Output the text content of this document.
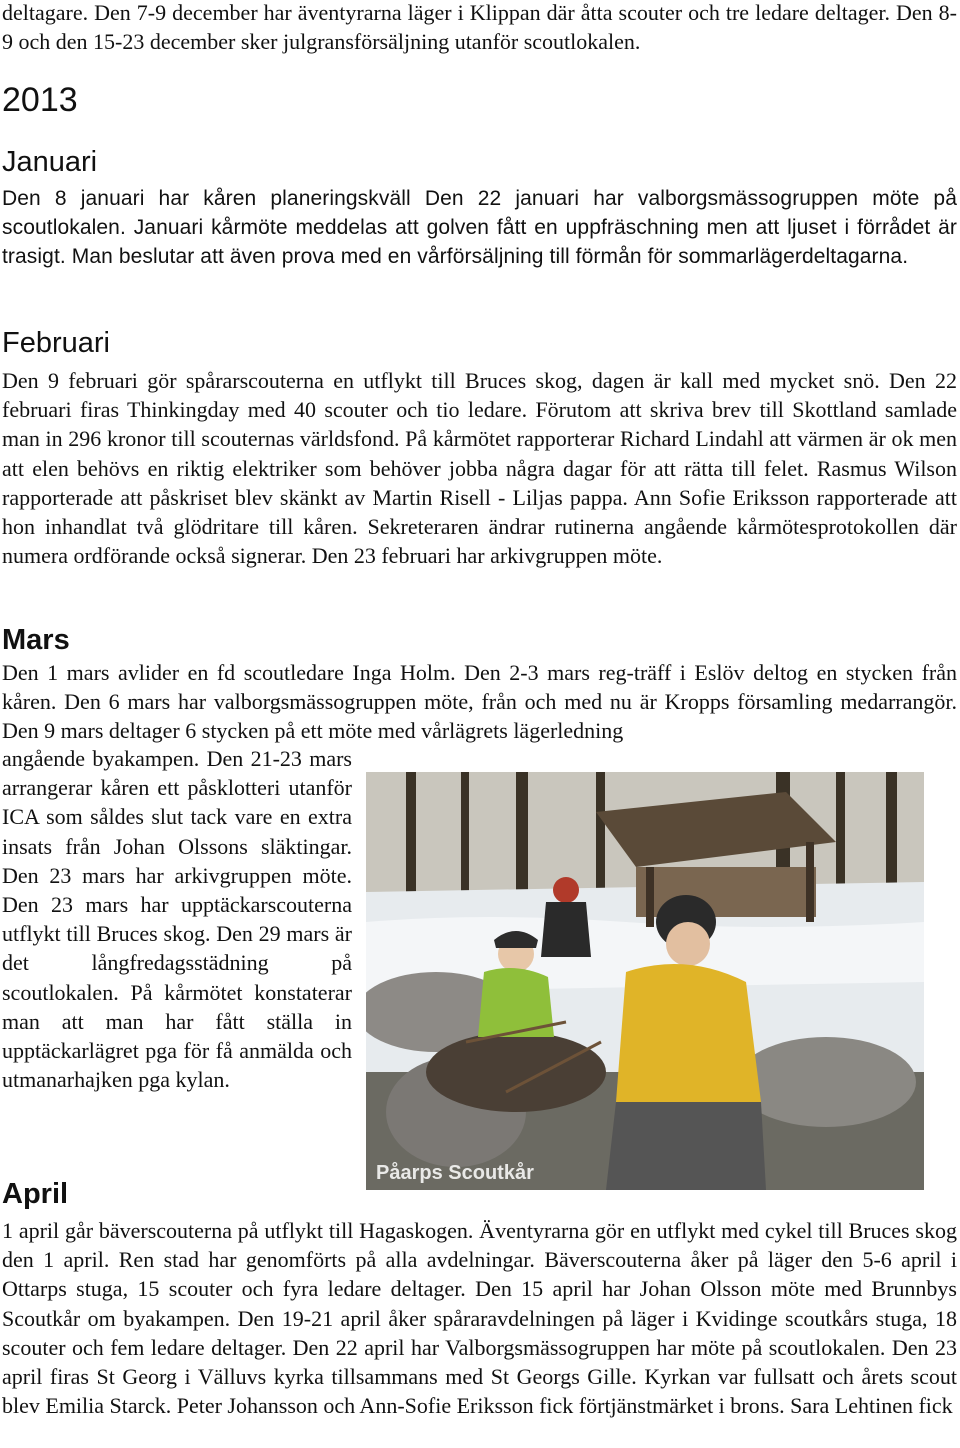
deltagare. Den 7-9 december har äventyrarna läger i Klippan där åtta scouter och tre ledare deltager. Den 8-9 och den 15-23 december sker julgransförsäljning utanför scoutlokalen.

2013
Januari

Den 8 januari har kåren planeringskväll Den 22 januari har valborgsmässogruppen möte på scoutlokalen. Januari kårmöte meddelas att golven fått en uppfräschning men att ljuset i förrådet är trasigt. Man beslutar att även prova med en vårförsäljning till förmån för sommarlägerdeltagarna.

Februari

Den 9 februari gör spårarscouterna en utflykt till Bruces skog, dagen är kall med mycket snö. Den 22 februari firas Thinkingday med 40 scouter och tio ledare. Förutom att skriva brev till Skottland samlade man in 296 kronor till scouternas världsfond. På kårmötet rapporterar Richard Lindahl att värmen är ok men att elen behövs en riktig elektriker som behöver jobba några dagar för att rätta till felet. Rasmus Wilson rapporterade att påskriset blev skänkt av Martin Risell - Liljas pappa. Ann Sofie Eriksson rapporterade att hon inhandlat två glödritare till kåren. Sekreteraren ändrar rutinerna angående kårmötesprotokollen där numera ordförande också signerar. Den 23 februari har arkivgruppen möte.

Mars

Den 1 mars avlider en fd scoutledare Inga Holm. Den 2-3 mars reg-träff i Eslöv deltog en stycken från kåren. Den 6 mars har valborgsmässogruppen möte, från och med nu är Kropps församling medarrangör. Den 9 mars deltager 6 stycken på ett möte med vårlägrets lägerledning

angående byakampen. Den 21-23 mars arrangerar kåren ett påsklotteri utanför ICA som såldes slut tack vare en extra insats från Johan Olssons släktingar. Den 23 mars har arkivgruppen möte. Den 23 mars har upptäckarscouterna utflykt till Bruces skog. Den 29 mars är det långfredagsstädning på scoutlokalen. På kårmötet konstaterar man att man har fått ställa in upptäckarlägret pga för få anmälda och utmanarhajken pga kylan.

Påarps Scoutkår
April

1 april går bäverscouterna på utflykt till Hagaskogen. Äventyrarna gör en utflykt med cykel till Bruces skog den 1 april. Ren stad har genomförts på alla avdelningar. Bäverscouterna åker på läger den 5-6 april i Ottarps stuga, 15 scouter och fyra ledare deltager. Den 15 april har Johan Olsson möte med Brunnbys Scoutkår om byakampen. Den 19-21 april åker spåraravdelningen på läger i Kvidinge scoutkårs stuga, 18 scouter och fem ledare deltager. Den 22 april har Valborgsmässogruppen har möte på scoutlokalen. Den 23 april firas St Georg i Välluvs kyrka tillsammans med St Georgs Gille. Kyrkan var fullsatt och årets scout blev Emilia Starck. Peter Johansson och Ann-Sofie Eriksson fick förtjänstmärket i brons. Sara Lehtinen fick
